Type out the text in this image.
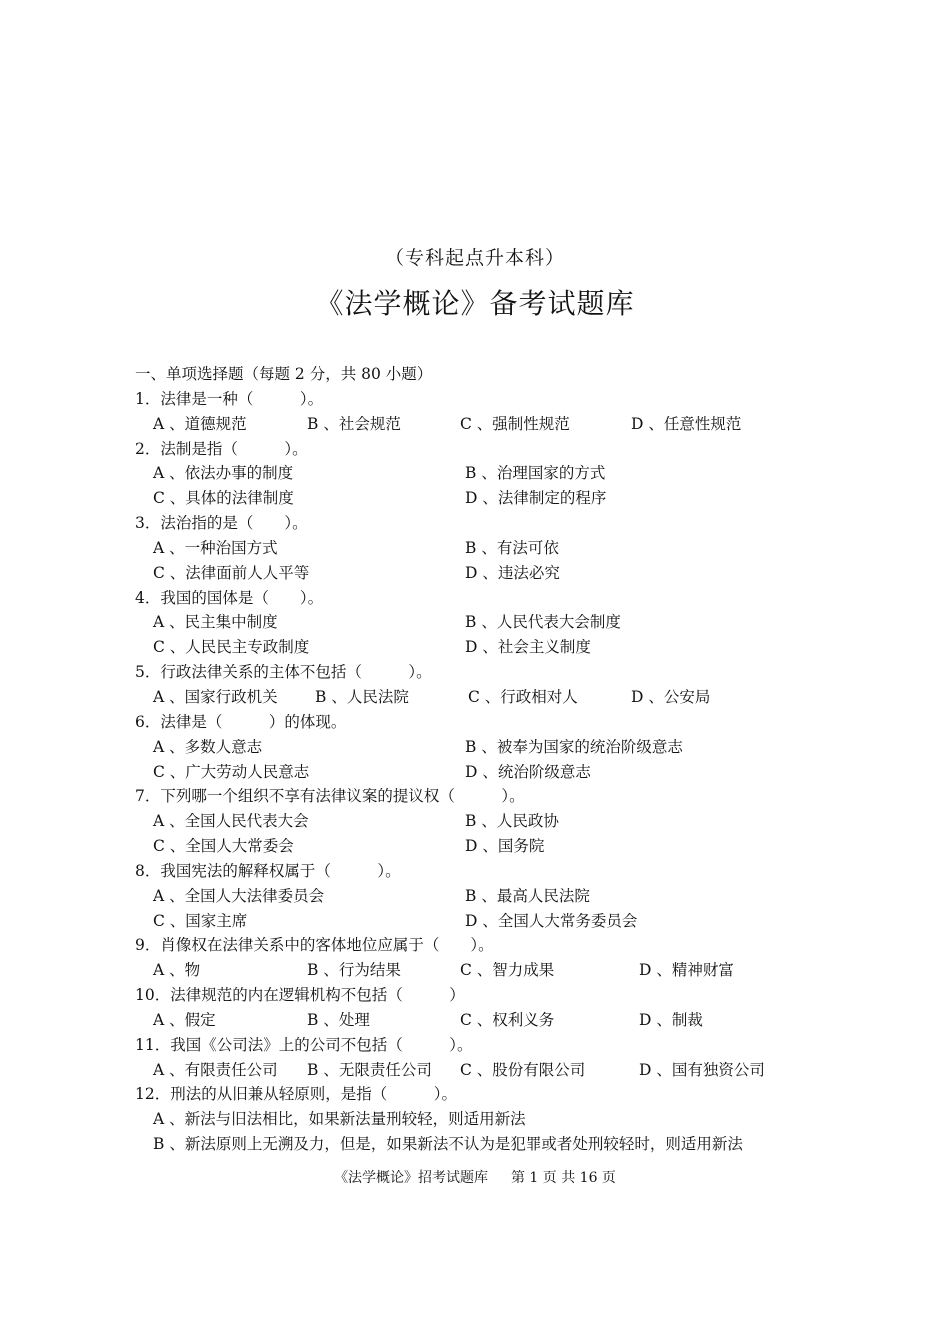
（专科起点升本科）
《法学概论》备考试题库
一、单项选择题（每题 2 分，共 80 小题）
1．法律是一种（　　　）。
A 、道德规范	B 、社会规范	C 、强制性规范	D 、任意性规范
2．法制是指（　　　）。
A 、依法办事的制度	B 、治理国家的方式
C 、具体的法律制度	D 、法律制定的程序
3．法治指的是（　　）。
A 、一种治国方式	B 、有法可依
C 、法律面前人人平等	D 、违法必究
4．我国的国体是（　　）。
A 、民主集中制度	B 、人民代表大会制度
C 、人民民主专政制度	D 、社会主义制度
5．行政法律关系的主体不包括（　　　）。
A 、国家行政机关 B 、人民法院	C 、行政相对人	D 、公安局
6．法律是（　　　）的体现。
A 、多数人意志	B 、被奉为国家的统治阶级意志
C 、广大劳动人民意志	D 、统治阶级意志
7．下列哪一个组织不享有法律议案的提议权（　　　）。
A 、全国人民代表大会	B 、人民政协
C 、全国人大常委会	D 、国务院
8．我国宪法的解释权属于（　　　）。
A 、全国人大法律委员会	B 、最高人民法院
C 、国家主席	D 、全国人大常务委员会
9．肖像权在法律关系中的客体地位应属于（　　）。
A 、物	B 、行为结果	C 、智力成果	D 、精神财富
10．法律规范的内在逻辑机构不包括（　　　）
A 、假定	B 、处理	C 、权利义务	D 、制裁
11．我国《公司法》上的公司不包括（　　　）。
A 、有限责任公司 B 、无限责任公司 C 、股份有限公司	D 、国有独资公司
12．刑法的从旧兼从轻原则，是指（　　　）。
A 、新法与旧法相比，如果新法量刑较轻，则适用新法
B 、新法原则上无溯及力，但是，如果新法不认为是犯罪或者处刑较轻时，则适用新法
《法学概论》招考试题库　  第 1 页 共 16 页
